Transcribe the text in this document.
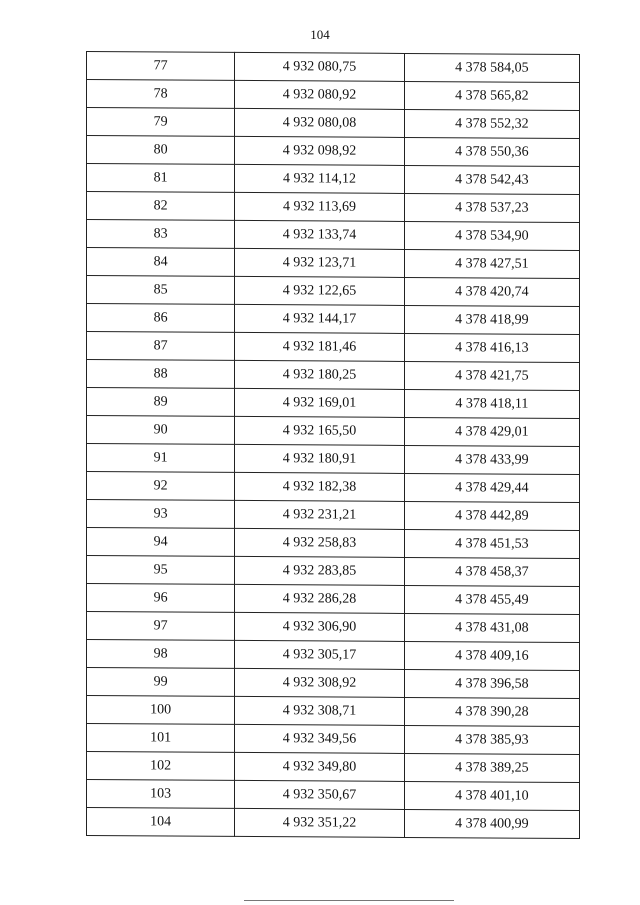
104
77	4 932 080,75	4 378 584,05
78	4 932 080,92	4 378 565,82
79	4 932 080,08	4 378 552,32
80	4 932 098,92	4 378 550,36
81	4 932 114,12	4 378 542,43
82	4 932 113,69	4 378 537,23
83	4 932 133,74	4 378 534,90
84	4 932 123,71	4 378 427,51
85	4 932 122,65	4 378 420,74
86	4 932 144,17	4 378 418,99
87	4 932 181,46	4 378 416,13
88	4 932 180,25	4 378 421,75
89	4 932 169,01	4 378 418,11
90	4 932 165,50	4 378 429,01
91	4 932 180,91	4 378 433,99
92	4 932 182,38	4 378 429,44
93	4 932 231,21	4 378 442,89
94	4 932 258,83	4 378 451,53
95	4 932 283,85	4 378 458,37
96	4 932 286,28	4 378 455,49
97	4 932 306,90	4 378 431,08
98	4 932 305,17	4 378 409,16
99	4 932 308,92	4 378 396,58
100	4 932 308,71	4 378 390,28
101	4 932 349,56	4 378 385,93
102	4 932 349,80	4 378 389,25
103	4 932 350,67	4 378 401,10
104	4 932 351,22	4 378 400,99
